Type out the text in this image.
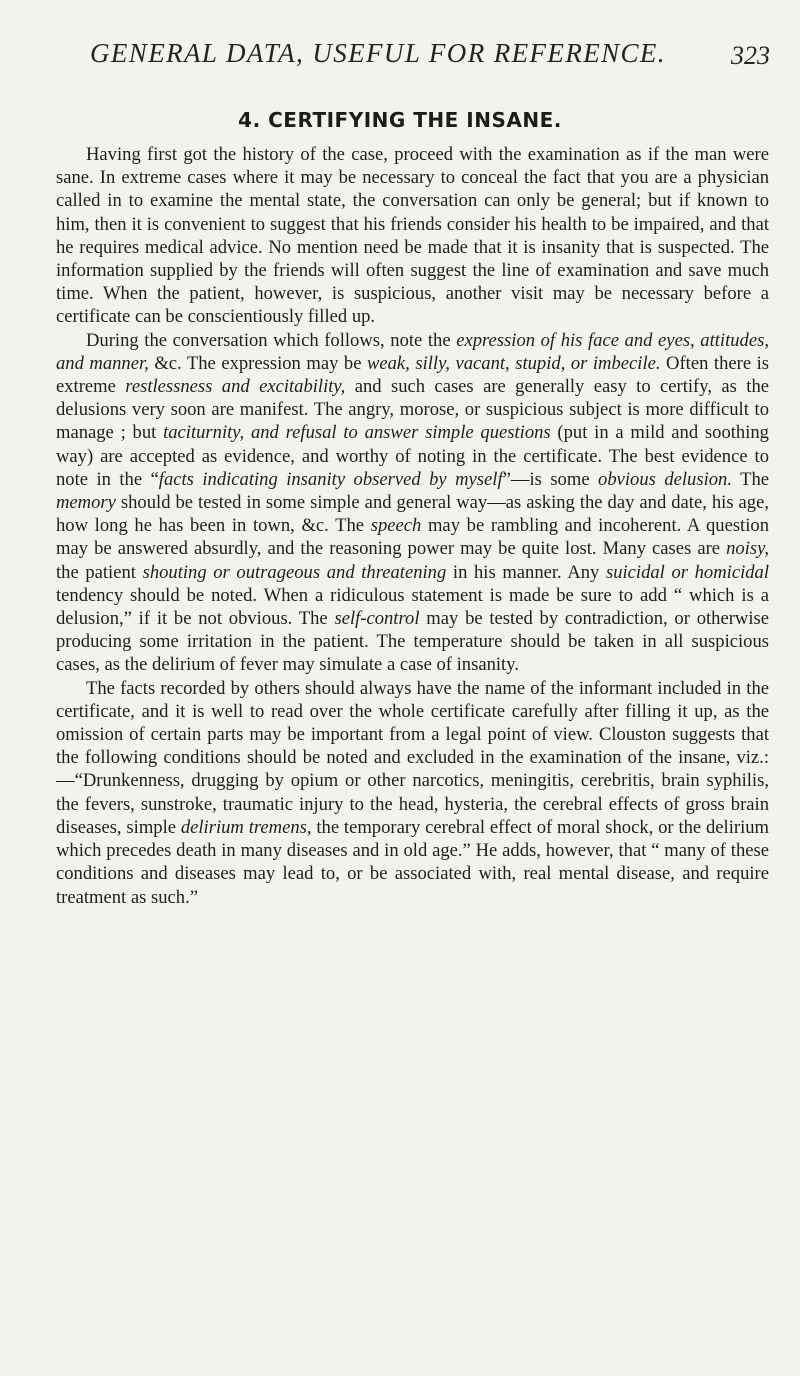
GENERAL DATA, USEFUL FOR REFERENCE.	323
4. CERTIFYING THE INSANE.

Having first got the history of the case, proceed with the examination as if the man were sane. In extreme cases where it may be necessary to conceal the fact that you are a physician called in to examine the mental state, the conversation can only be general; but if known to him, then it is convenient to suggest that his friends consider his health to be impaired, and that he requires medical advice. No mention need be made that it is insanity that is suspected. The information supplied by the friends will often suggest the line of examination and save much time. When the patient, however, is suspicious, another visit may be necessary before a certificate can be conscientiously filled up.

During the conversation which follows, note the expression of his face and eyes, attitudes, and manner, &c. The expression may be weak, silly, vacant, stupid, or imbecile. Often there is extreme restlessness and excitability, and such cases are generally easy to certify, as the delusions very soon are manifest. The angry, morose, or suspicious subject is more difficult to manage ; but taciturnity, and refusal to answer simple questions (put in a mild and soothing way) are accepted as evidence, and worthy of noting in the certificate. The best evidence to note in the “facts indicating insanity observed by myself”—is some obvious delusion. The memory should be tested in some simple and general way—as asking the day and date, his age, how long he has been in town, &c. The speech may be rambling and incoherent. A question may be answered absurdly, and the reasoning power may be quite lost. Many cases are noisy, the patient shouting or outrageous and threatening in his manner. Any suicidal or homicidal tendency should be noted. When a ridiculous statement is made be sure to add “ which is a delusion,” if it be not obvious. The self-control may be tested by contradiction, or otherwise producing some irritation in the patient. The temperature should be taken in all suspicious cases, as the delirium of fever may simulate a case of insanity.

The facts recorded by others should always have the name of the informant included in the certificate, and it is well to read over the whole certificate carefully after filling it up, as the omission of certain parts may be important from a legal point of view. Clouston suggests that the following conditions should be noted and excluded in the examination of the insane, viz.:—“Drunkenness, drugging by opium or other narcotics, meningitis, cerebritis, brain syphilis, the fevers, sunstroke, traumatic injury to the head, hysteria, the cerebral effects of gross brain diseases, simple delirium tremens, the temporary cerebral effect of moral shock, or the delirium which precedes death in many diseases and in old age.” He adds, however, that “ many of these conditions and diseases may lead to, or be associated with, real mental disease, and require treatment as such.”
